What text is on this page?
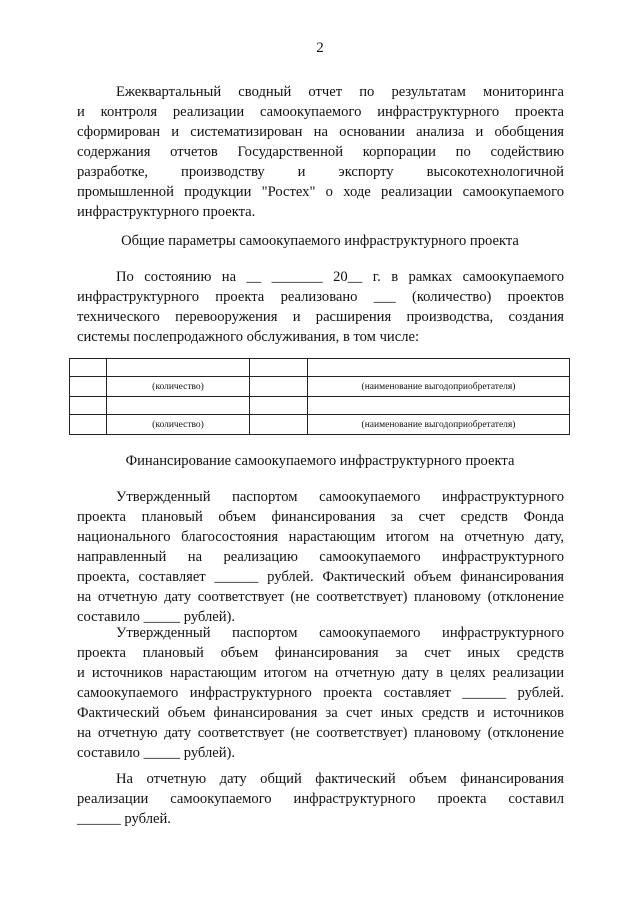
2

Ежеквартальный сводный отчет по результатам мониторинга
и контроля реализации самоокупаемого инфраструктурного проекта
сформирован и систематизирован на основании анализа и обобщения
содержания отчетов Государственной корпорации по содействию
разработке, производству и экспорту высокотехнологичной
промышленной продукции "Ростех" о ходе реализации самоокупаемого
инфраструктурного проекта.

Общие параметры самоокупаемого инфраструктурного проекта

По состоянию на __ _______ 20__ г. в рамках самоокупаемого
инфраструктурного проекта реализовано ___ (количество) проектов
технического перевооружения и расширения производства, создания
системы послепродажного обслуживания, в том числе:

	(количество)		(наименование выгодоприобретателя)

	(количество)		(наименование выгодоприобретателя)

Финансирование самоокупаемого инфраструктурного проекта

Утвержденный паспортом самоокупаемого инфраструктурного
проекта плановый объем финансирования за счет средств Фонда
национального благосостояния нарастающим итогом на отчетную дату,
направленный на реализацию самоокупаемого инфраструктурного
проекта, составляет ______ рублей. Фактический объем финансирования
на отчетную дату соответствует (не соответствует) плановому (отклонение
составило _____ рублей).

Утвержденный паспортом самоокупаемого инфраструктурного
проекта плановый объем финансирования за счет иных средств
и источников нарастающим итогом на отчетную дату в целях реализации
самоокупаемого инфраструктурного проекта составляет ______ рублей.
Фактический объем финансирования за счет иных средств и источников
на отчетную дату соответствует (не соответствует) плановому (отклонение
составило _____ рублей).

На отчетную дату общий фактический объем финансирования
реализации самоокупаемого инфраструктурного проекта составил
______ рублей.
